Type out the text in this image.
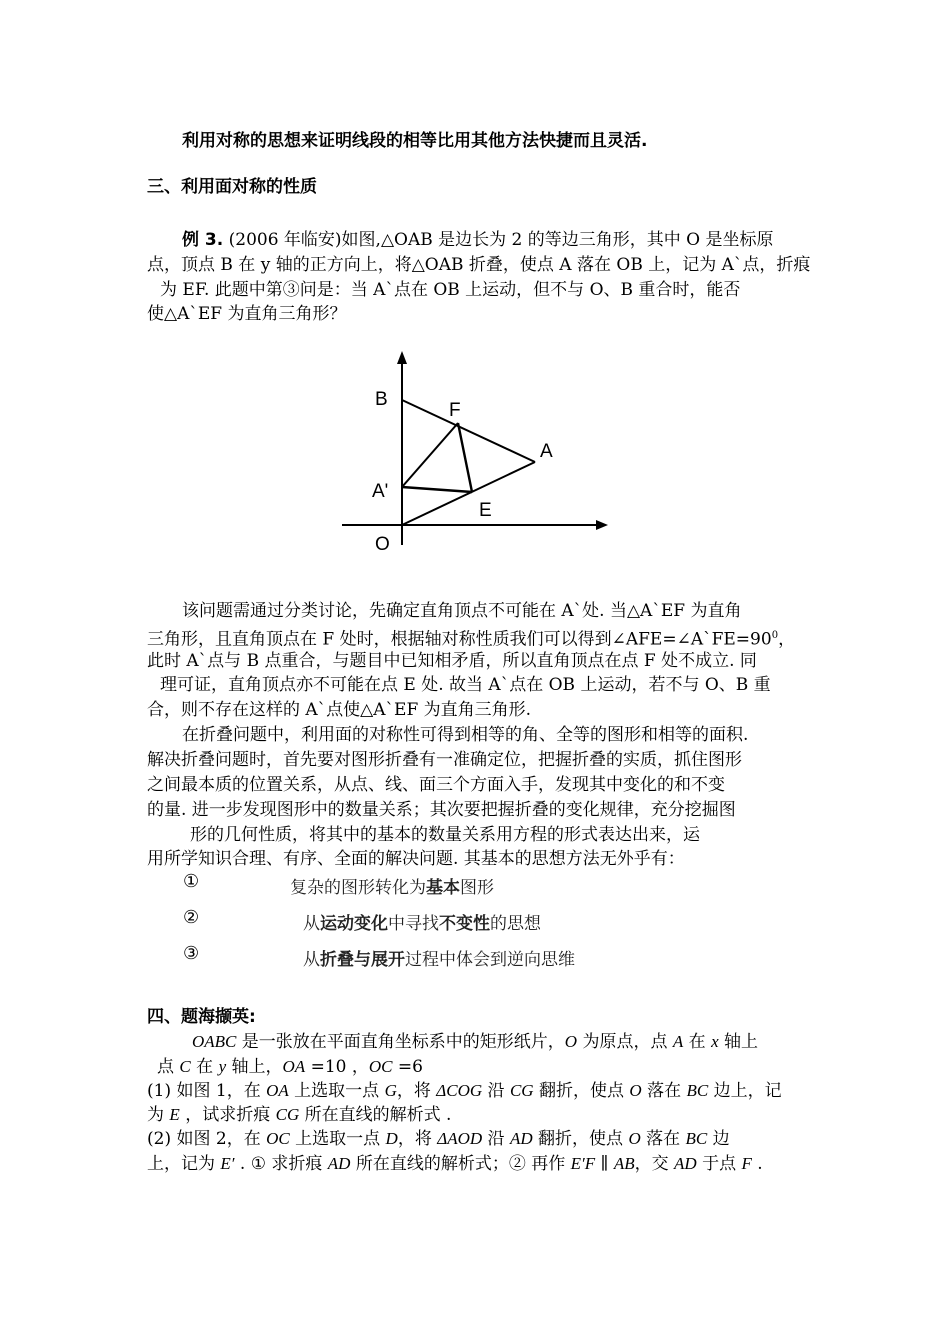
利用对称的思想来证明线段的相等比用其他方法快捷而且灵活.
三、利用面对称的性质
例 3. (2006 年临安)如图,△OAB 是边长为 2 的等边三角形，其中 O 是坐标原
点，顶点 B 在 y 轴的正方向上，将△OAB 折叠，使点 A 落在 OB 上，记为 A`点，折痕
为 EF. 此题中第③问是：当 A`点在 OB 上运动，但不与 O、B 重合时，能否
使△A`EF 为直角三角形？
B
F
A
A'
E
O
该问题需通过分类讨论，先确定直角顶点不可能在 A`处. 当△A`EF 为直角
三角形，且直角顶点在 F 处时，根据轴对称性质我们可以得到$\angle AFE=\angle A`FE=90^0$，
此时 A`点与 B 点重合，与题目中已知相矛盾，所以直角顶点在点 F 处不成立. 同
理可证，直角顶点亦不可能在点 E 处. 故当 A`点在 OB 上运动，若不与 O、B 重
合，则不存在这样的 A`点使△A`EF 为直角三角形.
在折叠问题中，利用面的对称性可得到相等的角、全等的图形和相等的面积.
解决折叠问题时，首先要对图形折叠有一准确定位，把握折叠的实质，抓住图形
之间最本质的位置关系，从点、线、面三个方面入手，发现其中变化的和不变
的量. 进一步发现图形中的数量关系；其次要把握折叠的变化规律，充分挖掘图
形的几何性质，将其中的基本的数量关系用方程的形式表达出来，运
用所学知识合理、有序、全面的解决问题. 其基本的思想方法无外乎有：
①	复杂的图形转化为基本图形
②	从运动变化中寻找不变性的思想
③	从折叠与展开过程中体会到逆向思维
四、题海撷英:
OABC 是一张放在平面直角坐标系中的矩形纸片，O 为原点，点 A 在 x 轴上
点 C 在 y 轴上，OA =10 ，OC =6
(1) 如图 1，在 OA 上选取一点 G，将 ΔCOG 沿 CG 翻折，使点 O 落在 BC 边上，记
为 E ，试求折痕 CG 所在直线的解析式 .
(2) 如图 2，在 OC 上选取一点 D，将 ΔAOD 沿 AD 翻折，使点 O 落在 BC 边
上，记为 E′ . ① 求折痕 AD 所在直线的解析式；② 再作 E′F ∥ AB，交 AD 于点 F .
